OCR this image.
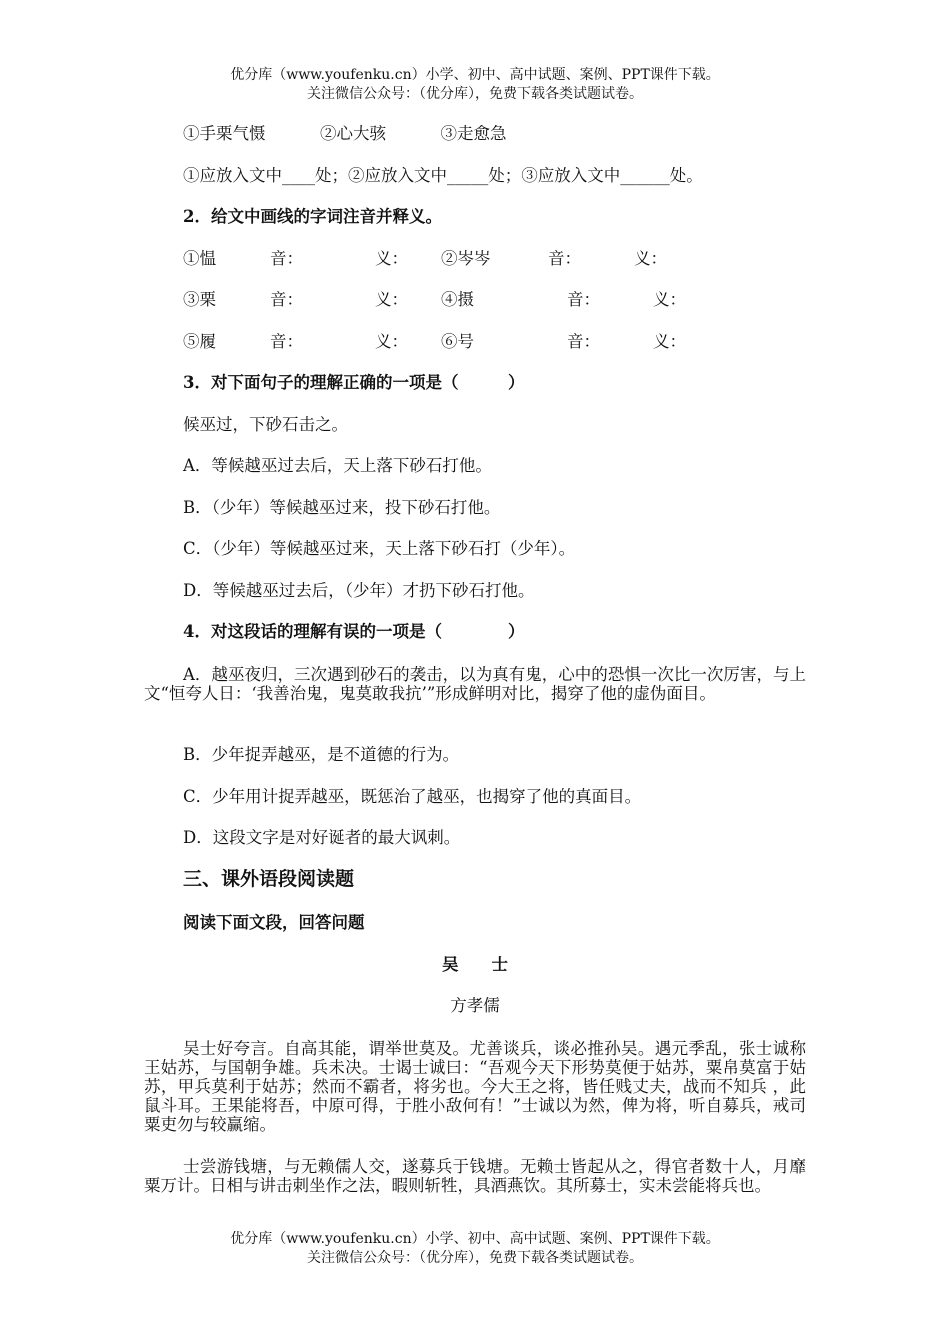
优分库（www.youfenku.cn）小学、初中、高中试题、案例、PPT课件下载。
关注微信公众号：（优分库），免费下载各类试题试卷。
①手栗气慑	②心大骇	③走愈急
①应放入文中____处；②应放入文中_____处；③应放入文中______处。
2．给文中画线的字词注音并释义。
①愠	音：	义： ②岑岑	音：	义：
③栗	音：	义： ④摄	音：	义：
⑤履	音：	义： ⑥号	音：	义：
3．对下面句子的理解正确的一项是（　　　）
候巫过，下砂石击之。
A．等候越巫过去后，天上落下砂石打他。
B．（少年）等候越巫过来，投下砂石打他。
C．（少年）等候越巫过来，天上落下砂石打（少年）。
D．等候越巫过去后，（少年）才扔下砂石打他。
4．对这段话的理解有误的一项是（　　　　）
A．越巫夜归，三次遇到砂石的袭击，以为真有鬼，心中的恐惧一次比一次厉害，与上文“恒夸人日：‘我善治鬼，鬼莫敢我抗’”形成鲜明对比，揭穿了他的虚伪面目。
B．少年捉弄越巫，是不道德的行为。
C．少年用计捉弄越巫，既惩治了越巫，也揭穿了他的真面目。
D．这段文字是对好诞者的最大讽刺。
三、课外语段阅读题
阅读下面文段，回答问题
吴　　士
方孝儒
吴士好夸言。自高其能，谓举世莫及。尤善谈兵，谈必推孙吴。遇元季乱，张士诚称王姑苏，与国朝争雄。兵未决。士谒士诚曰：“吾观今天下形势莫便于姑苏，粟帛莫富于姑苏，甲兵莫利于姑苏；然而不霸者，将劣也。今大王之将，皆任贱丈夫，战而不知兵 ，此鼠斗耳。王果能将吾，中原可得，于胜小敌何有！”士诚以为然，俾为将，听自募兵，戒司粟吏勿与较赢缩。
士尝游钱塘，与无赖儒人交，遂募兵于钱塘。无赖士皆起从之，得官者数十人，月靡粟万计。日相与讲击刺坐作之法，暇则斩牲，具酒燕饮。其所募士，实未尝能将兵也。
优分库（www.youfenku.cn）小学、初中、高中试题、案例、PPT课件下载。
关注微信公众号：（优分库），免费下载各类试题试卷。
